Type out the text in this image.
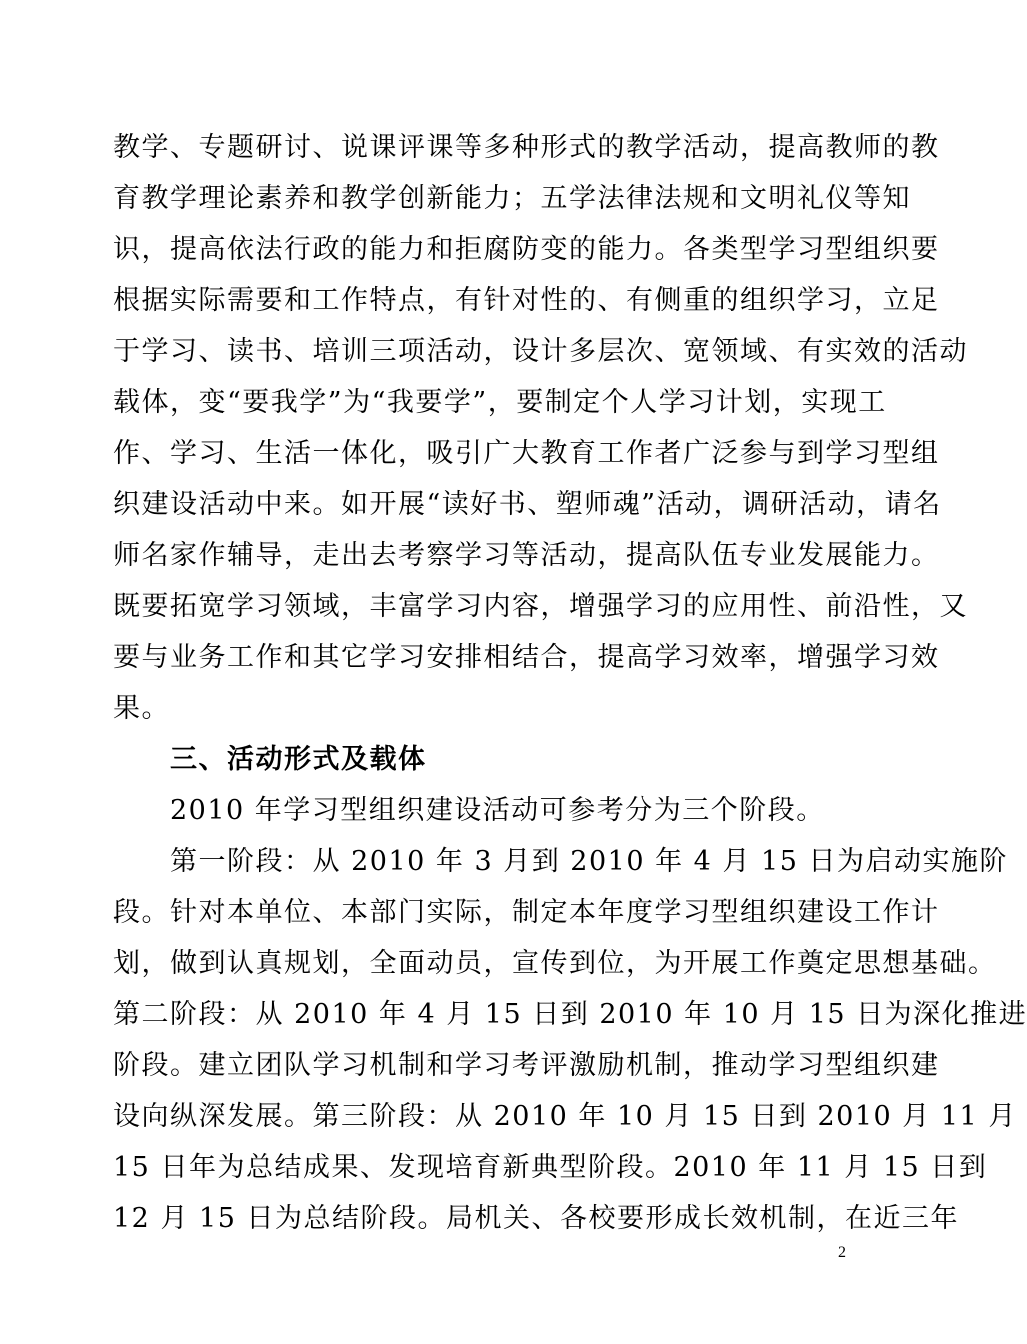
教学、专题研讨、说课评课等多种形式的教学活动，提高教师的教
育教学理论素养和教学创新能力；五学法律法规和文明礼仪等知
识，提高依法行政的能力和拒腐防变的能力。各类型学习型组织要
根据实际需要和工作特点，有针对性的、有侧重的组织学习，立足
于学习、读书、培训三项活动，设计多层次、宽领域、有实效的活动
载体，变“要我学”为“我要学”，要制定个人学习计划，实现工
作、学习、生活一体化，吸引广大教育工作者广泛参与到学习型组
织建设活动中来。如开展“读好书、塑师魂”活动，调研活动，请名
师名家作辅导，走出去考察学习等活动，提高队伍专业发展能力。
既要拓宽学习领域，丰富学习内容，增强学习的应用性、前沿性，又
要与业务工作和其它学习安排相结合，提高学习效率，增强学习效
果。
三、活动形式及载体
2010 年学习型组织建设活动可参考分为三个阶段。
第一阶段：从 2010 年 3 月到 2010 年 4 月 15 日为启动实施阶
段。针对本单位、本部门实际，制定本年度学习型组织建设工作计
划，做到认真规划，全面动员，宣传到位，为开展工作奠定思想基础。
第二阶段：从 2010 年 4 月 15 日到 2010 年 10 月 15 日为深化推进
阶段。建立团队学习机制和学习考评激励机制，推动学习型组织建
设向纵深发展。第三阶段：从 2010 年 10 月 15 日到 2010 月 11 月
15 日年为总结成果、发现培育新典型阶段。2010 年 11 月 15 日到
12 月 15 日为总结阶段。局机关、各校要形成长效机制，在近三年
2
